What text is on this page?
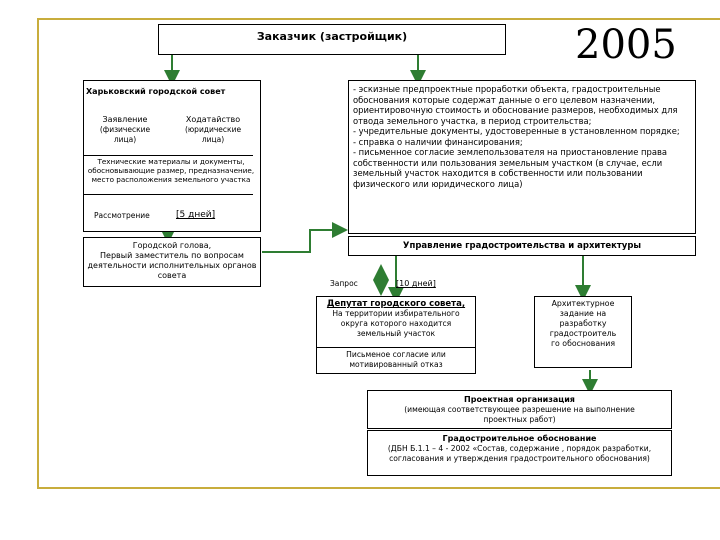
2005
Заказчик (застройщик)
Харьковский городской совет
Заявление
(физические
лица)
Ходатайство
(юридические
лица)
Технические материалы и документы, обосновывающие размер, предназначение, место расположения земельного участка
Рассмотрение	[5 дней]
Городской голова,
Первый заместитель по вопросам деятельности исполнительных органов совета
- эскизные предпроектные проработки объекта, градостроительные обоснования которые содержат данные о его целевом назначении, ориентировочную стоимость и обоснование размеров, необходимых для отвода земельного участка, в период строительства;
- учредительные документы, удостоверенные в установленном порядке;
- справка о наличии финансирования;
- письменное согласие землепользователя на приостановление права собственности или пользования земельным участком (в случае, если земельный участок находится в собственности или пользовании физического или юридического лица)
Управление градостроительства и архитектуры
Запрос	[10 дней]
Депутат городского совета,
На территории избирательного округа которого находится земельный участок
Письменое согласие или мотивированный отказ
Архитектурное задание на разработку градостроитель го обоснования
Проектная организация
(имеющая соответствующее разрешение на выполнение проектных работ)
Градостроительное обоснование
(ДБН Б.1.1 – 4 - 2002 «Состав, содержание , порядок разработки, согласования и утверждения градостроительного обоснования)
